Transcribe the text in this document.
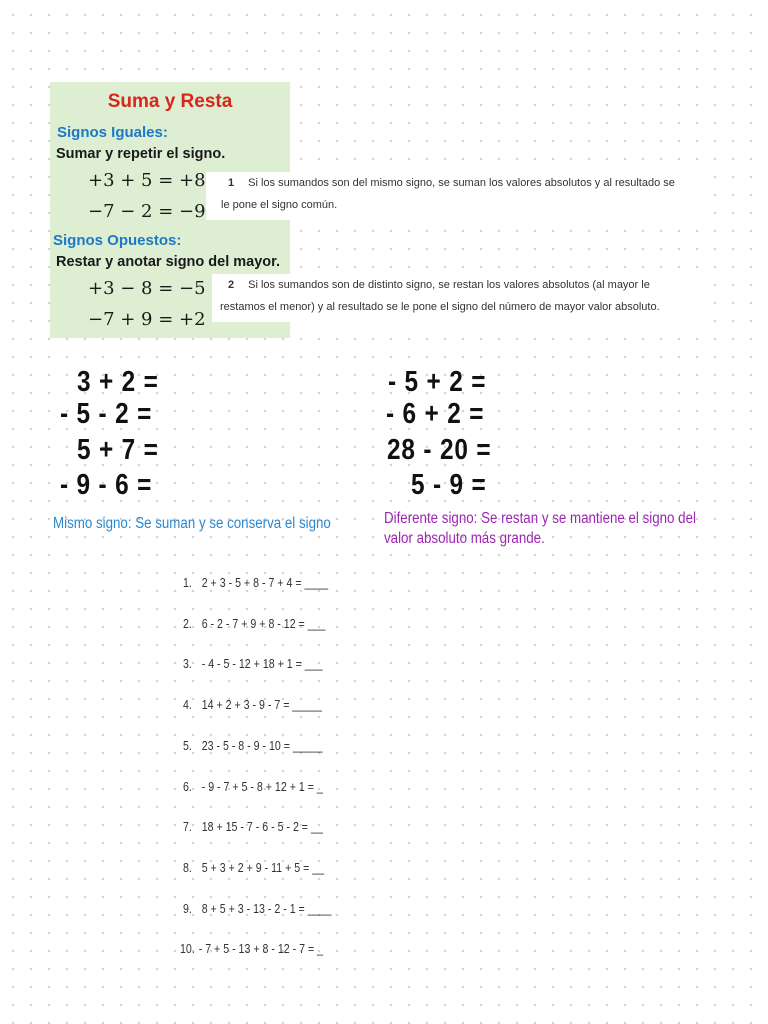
Suma y Resta
Signos Iguales:
Sumar y repetir el signo.
+3 + 5 = +8
−7 − 2 = −9
Signos Opuestos:
Restar y anotar signo del mayor.
+3 − 8 = −5
−7 + 9 = +2
1 Si los sumandos son del mismo signo, se suman los valores absolutos y al resultado se
le pone el signo común.
2 Si los sumandos son de distinto signo, se restan los valores absolutos (al mayor le
restamos el menor) y al resultado se le pone el signo del número de mayor valor absoluto.
3 + 2 =
- 5 - 2 =
5 + 7 =
- 9 - 6 =
- 5 + 2 =
- 6 + 2 =
28 - 20 =
5 - 9 =
Mismo signo: Se suman y se conserva el signo	Diferente signo: Se restan y se mantiene el signo del
valor absoluto más grande.
1. 2 + 3 - 5 + 8 - 7 + 4 = ____
2. 6 - 2 - 7 + 9 + 8 - 12 = ___
3. - 4 - 5 - 12 + 18 + 1 = ___
4. 14 + 2 + 3 - 9 - 7 = _____
5. 23 - 5 - 8 - 9 - 10 = _____
6. - 9 - 7 + 5 - 8 + 12 + 1 = _
7. 18 + 15 - 7 - 6 - 5 - 2 = __
8. 5 + 3 + 2 + 9 - 11 + 5 = __
9. 8 + 5 + 3 - 13 - 2 - 1 = ____
10. - 7 + 5 - 13 + 8 - 12 - 7 = _
